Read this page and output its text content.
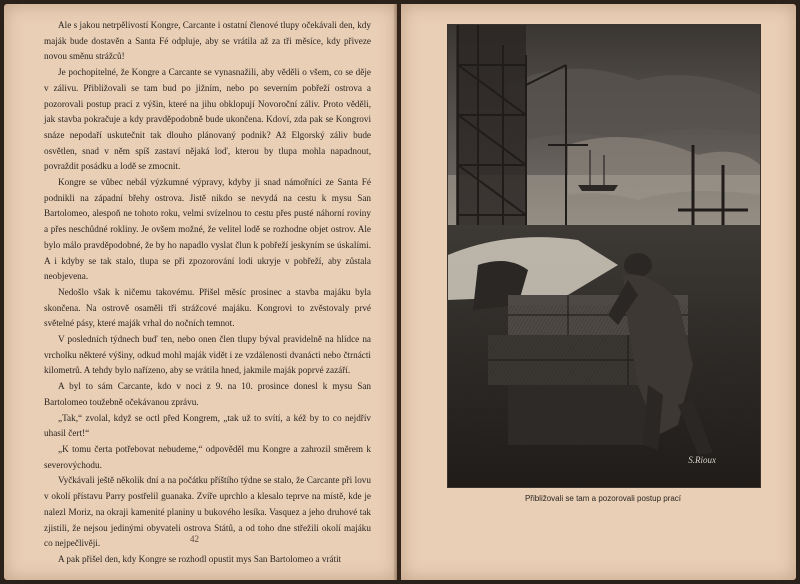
Ale s jakou netrpělivostí Kongre, Carcante i ostatní členové tlupy očekávali den, kdy maják bude dostavěn a Santa Fé odpluje, aby se vrátila až za tři měsíce, kdy přiveze novou směnu strážců!

Je pochopitelné, že Kongre a Carcante se vynasnažili, aby věděli o všem, co se děje v zálivu. Přibližovali se tam bud po jižním, nebo po severním pobřeží ostrova a pozorovali postup prací z výšin, které na jihu obklopují Novoroční záliv. Proto věděli, jak stavba pokračuje a kdy pravděpodobně bude ukončena. Kdoví, zda pak se Kongrovi snáze nepodaří uskutečnit tak dlouho plánovaný podnik? Až Elgorský záliv bude osvětlen, snad v něm spíš zastaví nějaká loď, kterou by tlupa mohla napadnout, povraždit posádku a lodě se zmocnit.

Kongre se vůbec nebál výzkumné výpravy, kdyby ji snad námořníci ze Santa Fé podnikli na západní břehy ostrova. Jistě nikdo se nevydá na cestu k mysu San Bartolomeo, alespoň ne tohoto roku, velmi svízelnou to cestu přes pusté náhorní roviny a přes neschůdné rokliny. Je ovšem možné, že velitel lodě se rozhodne objet ostrov. Ale bylo málo pravděpodobné, že by ho napadlo vyslat člun k pobřeží jeskyním se úskalími. A i kdyby se tak stalo, tlupa se při zpozorování lodi ukryje v pobřeží, aby zůstala neobjevena.

Nedošlo však k ničemu takovému. Přišel měsíc prosinec a stavba majáku byla skončena. Na ostrově osaměli tři strážcové majáku. Kongrovi to zvěstovaly prvé světelné pásy, které maják vrhal do nočních temnot.

V posledních týdnech buď ten, nebo onen člen tlupy býval pravidelně na hlídce na vrcholku některé výšiny, odkud mohl maják vidět i ze vzdálenosti dvanácti nebo čtrnácti kilometrů. A tehdy bylo nařízeno, aby se vrátila hned, jakmile maják poprvé zazáří.

A byl to sám Carcante, kdo v noci z 9. na 10. prosince donesl k mysu San Bartolomeo toužebně očekávanou zprávu.

„Tak,“ zvolal, když se octl před Kongrem, „tak už to svítí, a kéž by to co nejdřív uhasil čert!“

„K tomu čerta potřebovat nebudeme,“ odpověděl mu Kongre a zahrozil směrem k severovýchodu.

Vyčkávali ještě několik dní a na počátku příštího týdne se stalo, že Carcante při lovu v okolí přístavu Parry postřelil guanaka. Zvíře uprchlo a klesalo teprve na místě, kde je nalezl Moriz, na okraji kamenité planiny u bukového lesíka. Vasquez a jeho druhové tak zjistili, že nejsou jedinými obyvateli ostrova Států, a od toho dne střežili okolí majáku co nejpečlivěji.

A pak přišel den, kdy Kongre se rozhodl opustit mys San Bartolomeo a vrátit

42
S.Rioux
Přibližovali se tam a pozorovali postup prací
